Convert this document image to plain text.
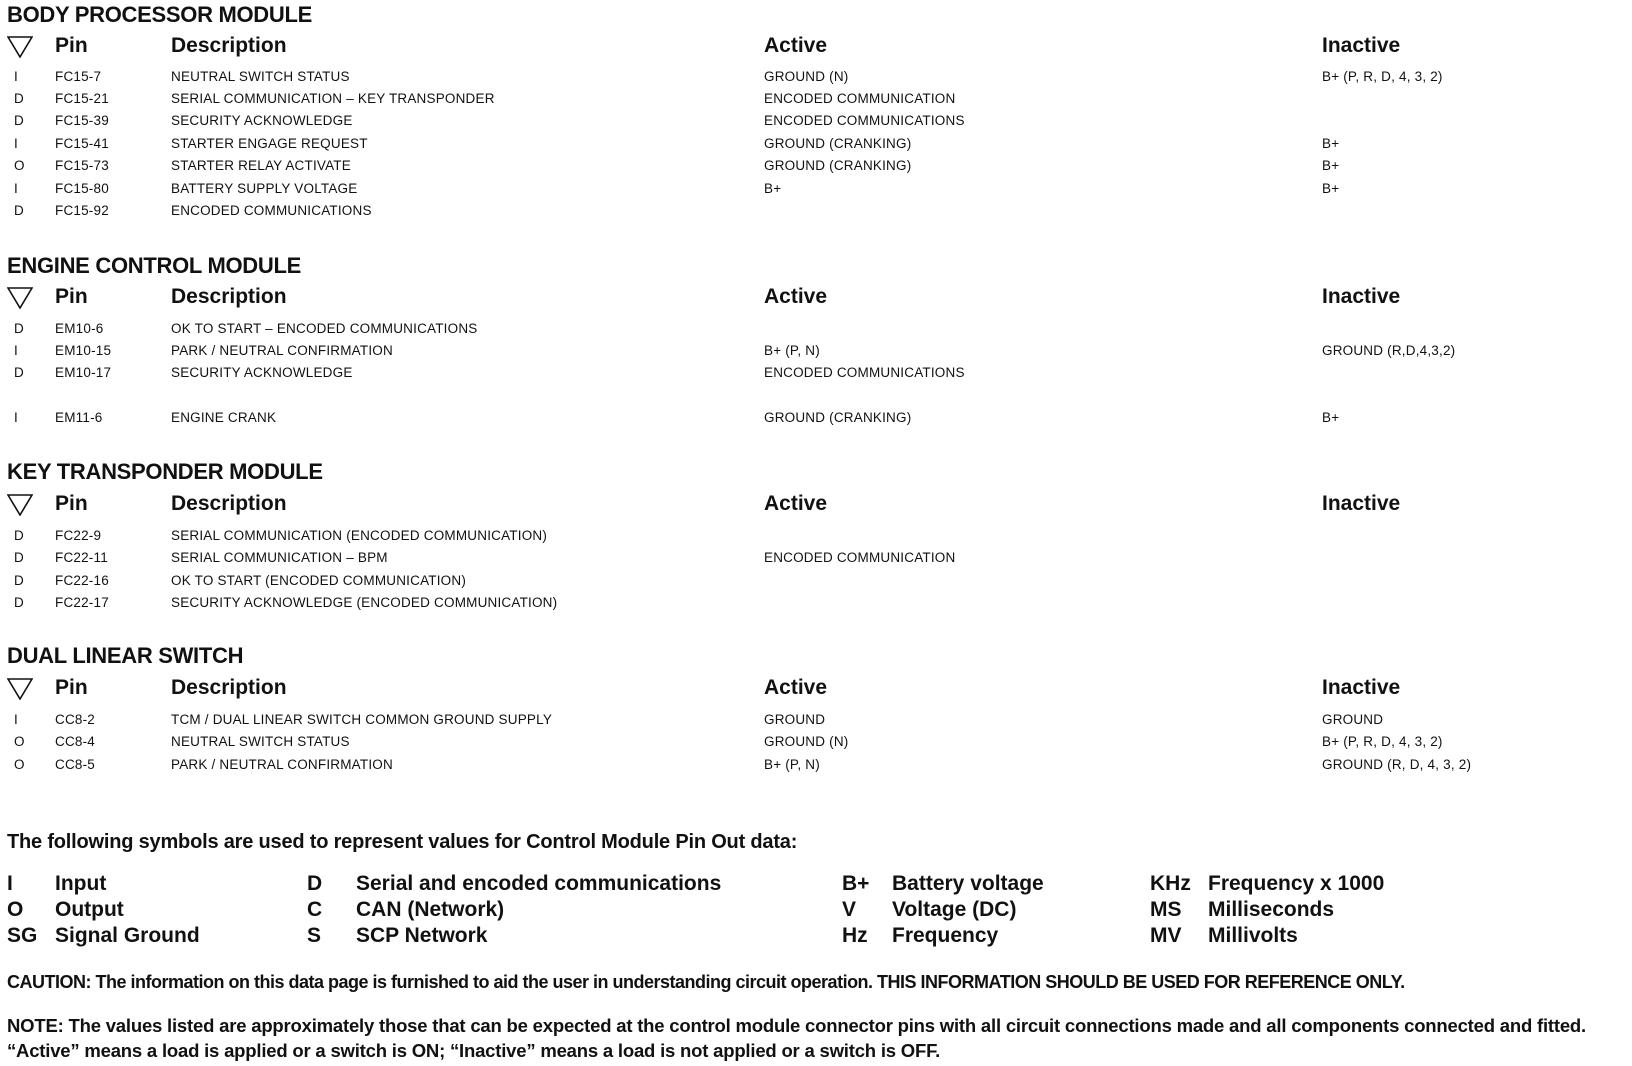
BODY PROCESSOR MODULE
Pin	Description	Active	Inactive
I	FC15-7	NEUTRAL SWITCH STATUS	GROUND (N)	B+ (P, R, D, 4, 3, 2)
D	FC15-21	SERIAL COMMUNICATION – KEY TRANSPONDER	ENCODED COMMUNICATION
D	FC15-39	SECURITY ACKNOWLEDGE	ENCODED COMMUNICATIONS
I	FC15-41	STARTER ENGAGE REQUEST	GROUND (CRANKING)	B+
O	FC15-73	STARTER RELAY ACTIVATE	GROUND (CRANKING)	B+
I	FC15-80	BATTERY SUPPLY VOLTAGE	B+	B+
D	FC15-92	ENCODED COMMUNICATIONS
ENGINE CONTROL MODULE
Pin	Description	Active	Inactive
D	EM10-6	OK TO START – ENCODED COMMUNICATIONS
I	EM10-15	PARK / NEUTRAL CONFIRMATION	B+ (P, N)	GROUND (R,D,4,3,2)
D	EM10-17	SECURITY ACKNOWLEDGE	ENCODED COMMUNICATIONS
I	EM11-6	ENGINE CRANK	GROUND (CRANKING)	B+
KEY TRANSPONDER MODULE
Pin	Description	Active	Inactive
D	FC22-9	SERIAL COMMUNICATION (ENCODED COMMUNICATION)
D	FC22-11	SERIAL COMMUNICATION – BPM	ENCODED COMMUNICATION
D	FC22-16	OK TO START (ENCODED COMMUNICATION)
D	FC22-17	SECURITY ACKNOWLEDGE (ENCODED COMMUNICATION)
DUAL LINEAR SWITCH
Pin	Description	Active	Inactive
I	CC8-2	TCM / DUAL LINEAR SWITCH COMMON GROUND SUPPLY	GROUND	GROUND
O	CC8-4	NEUTRAL SWITCH STATUS	GROUND (N)	B+ (P, R, D, 4, 3, 2)
O	CC8-5	PARK / NEUTRAL CONFIRMATION	B+ (P, N)	GROUND (R, D, 4, 3, 2)
The following symbols are used to represent values for Control Module Pin Out data:
I Input
O Output
SG Signal Ground
D Serial and encoded communications
C CAN (Network)
S SCP Network
B+ Battery voltage
V Voltage (DC)
Hz Frequency
KHz Frequency x 1000
MS Milliseconds
MV Millivolts
CAUTION: The information on this data page is furnished to aid the user in understanding circuit operation. THIS INFORMATION SHOULD BE USED FOR REFERENCE ONLY.
NOTE: The values listed are approximately those that can be expected at the control module connector pins with all circuit connections made and all components connected and fitted. “Active” means a load is applied or a switch is ON; “Inactive” means a load is not applied or a switch is OFF.
